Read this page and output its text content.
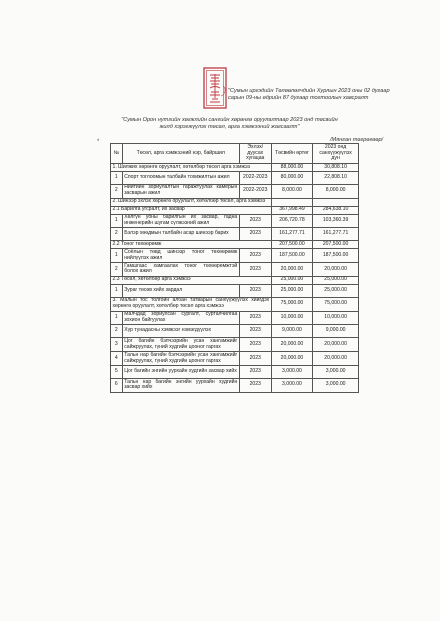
"Сумын иргэдийн Төлөөлөгчдийн Хурлын 2023 оны 02 дугаар сарын 09-ны өдрийн 87 дугаар тогтоолын хавсралт
"Сумын Орон нутгийн хөгжлийн сангийн хөрөнгө оруулалтаар 2023 онд төсвийн жилд хэрэгжүүлэх төсөл, арга хэмжээний жагсаалт"
*	/Мянган төгрөгөөр/
№	Төсөл, арга хэмжээний нэр, байршил	Эхлэх/ дуусах хугацаа	Төсвийн өртөг	2023 онд санхүүжүүлэх дүн
1. Шилжих хөрөнгө оруулалт, хөтөлбөр төсөл арга хэмжээ			88,000.00	30,808.10
1	Спорт тоглоомын талбайн тохижилтын ажил	2022-2023	80,000.00	22,808.10
2	Нийтийн зориулалтын гаражтуулах камерын засварын ажил	2022-2023	8,000.00	8,000.00
2. Шинээр эхлэх хөрөнгө оруулалт, хөтөлбөр төсөл, арга хэмжээ				
2.1 Барилга угсралт, их засвар			367,998.49	284,638.10
1	Хөлгүн уоны барилгын их засвар, гадна инженерийн шугам сүлжээний ажил	2023	206,720.78	103,360.39
2	Бэлэр хөөдмын талбайн асар шинээр барих	2023	161,277.71	161,277.71
2.2 Тоног төхөөрөмж			207,500.00	207,500.00
1	Соёлын төвд шинээр тоног төхөөрөмж нийлүүлэх ажил	2023	187,500.00	187,500.00
2	Гамшгаас хамгаалах тоног төхөөрөмжтэй болох ажил	2023	20,000.00	20,000.00
2.3 Төсөл, хөтөлбөр арга хэмжээ			25,000.00	25,000.00
1	Зураг төсөв хийх зардал	2023	25,000.00	25,000.00
3. Малын тос толгойн албан татварын санхүүжүүлэх хийгдэх хөрөнгө оруулалт, хөтөлбөр төсөл арга хэмжээ			75,000.00	75,000.00
1	Малчдад зориулсан сургалт, сурталчилгаа зохион байгуулах	2023	10,000.00	10,000.00
2	Хүр тунадасны хэмжээг нэмэгдүүлэх	2023	9,000.00	9,000.00
3	Цог багийн бэлчээрийн усан хангамжийг сайжруулах, гүний худгийн цооног гаргах	2023	20,000.00	20,000.00
4	Тальн нар багийн бэлчээрийн усан хангамжийг сайжруулах, гүний худгийн цооног гаргах	2023	20,000.00	20,000.00
5	Цог багийн энгийн уурхайн худгийн засвар хийх	2023	3,000.00	3,000.00
6	Тальн нар багийн энгийн уурхайн худгийн засвар хийх	2023	3,000.00	3,000.00
